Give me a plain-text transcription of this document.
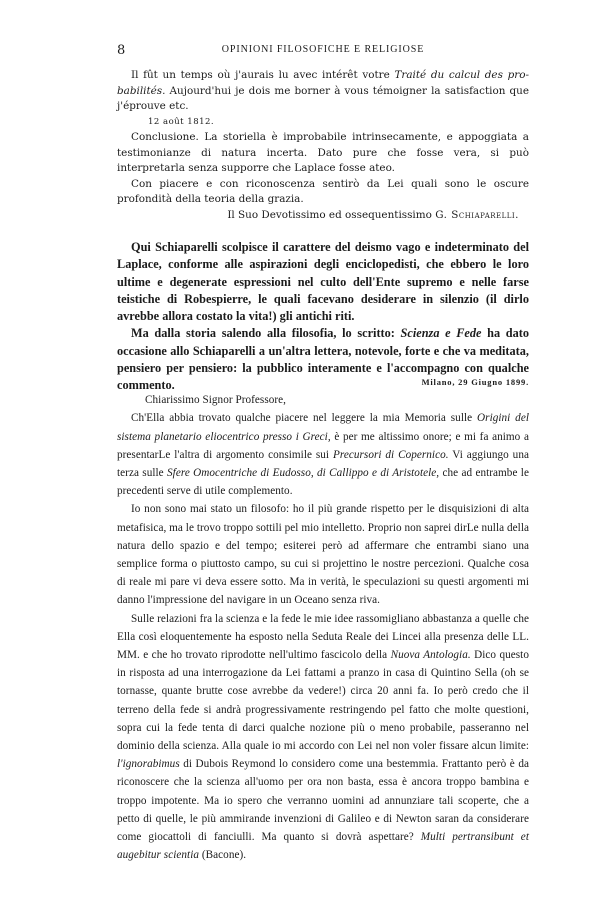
8	OPINIONI FILOSOFICHE E RELIGIOSE

Il fût un temps où j'aurais lu avec intérêt votre Traité du calcul des pro- babilités. Aujourd'hui je dois me borner à vous témoigner la satisfaction que j'éprouve etc.

12 août 1812.

Conclusione. La storiella è improbabile intrinsecamente, e appoggiata a testimonianze di natura incerta. Dato pure che fosse vera, si può interpretarla senza supporre che Laplace fosse ateo.

Con piacere e con riconoscenza sentirò da Lei quali sono le oscure profondità della teoria della grazia.

Il Suo Devotissimo ed ossequentissimo G. Schiaparelli.

Qui Schiaparelli scolpisce il carattere del deismo vago e indeterminato del Laplace, conforme alle aspirazioni degli enciclopedisti, che ebbero le loro ultime e degenerate espressioni nel culto dell'Ente supremo e nelle farse teistiche di Robespierre, le quali facevano desiderare in silenzio (il dirlo avrebbe allora costato la vita!) gli antichi riti.

Ma dalla storia salendo alla filosofia, lo scritto: Scienza e Fede ha dato occasione allo Schiaparelli a un'altra lettera, notevole, forte e che va meditata, pensiero per pensiero: la pubblico interamente e l'accompagno con qualche commento.	Milano, 29 Giugno 1899.

Chiarissimo Signor Professore,

Ch'Ella abbia trovato qualche piacere nel leggere la mia Memoria sulle Origini del sistema planetario eliocentrico presso i Greci, è per me altissimo onore; e mi fa animo a presentarLe l'altra di argomento consimile sui Precursori di Copernico. Vi aggiungo una terza sulle Sfere Omocentriche di Eudosso, di Callippo e di Aristotele, che ad entrambe le precedenti serve di utile complemento.

Io non sono mai stato un filosofo: ho il più grande rispetto per le disquisizioni di alta metafisica, ma le trovo troppo sottili pel mio intelletto. Proprio non saprei dirLe nulla della natura dello spazio e del tempo; esiterei però ad affermare che entrambi siano una semplice forma o piuttosto campo, su cui si projettino le nostre percezioni. Qualche cosa di reale mi pare vi deva essere sotto. Ma in verità, le speculazioni su questi argomenti mi danno l'impressione del navigare in un Oceano senza riva.

Sulle relazioni fra la scienza e la fede le mie idee rassomigliano abbastanza a quelle che Ella così eloquentemente ha esposto nella Seduta Reale dei Lincei alla presenza delle LL. MM. e che ho trovato riprodotte nell'ultimo fascicolo della Nuova Antologia. Dico questo in risposta ad una interrogazione da Lei fattami a pranzo in casa di Quintino Sella (oh se tornasse, quante brutte cose avrebbe da vedere!) circa 20 anni fa. Io però credo che il terreno della fede si andrà progressivamente restringendo pel fatto che molte questioni, sopra cui la fede tenta di darci qualche nozione più o meno probabile, passeranno nel dominio della scienza. Alla quale io mi accordo con Lei nel non voler fissare alcun limite: l'ignorabimus di Dubois Reymond lo considero come una bestemmia. Frattanto però è da riconoscere che la scienza all'uomo per ora non basta, essa è ancora troppo bambina e troppo impotente. Ma io spero che verranno uomini ad annunziare tali scoperte, che a petto di quelle, le più ammirande invenzioni di Galileo e di Newton saran da considerare come giocattoli di fanciulli. Ma quanto si dovrà aspettare? Multi pertransibunt et augebitur scientia (Bacone).
